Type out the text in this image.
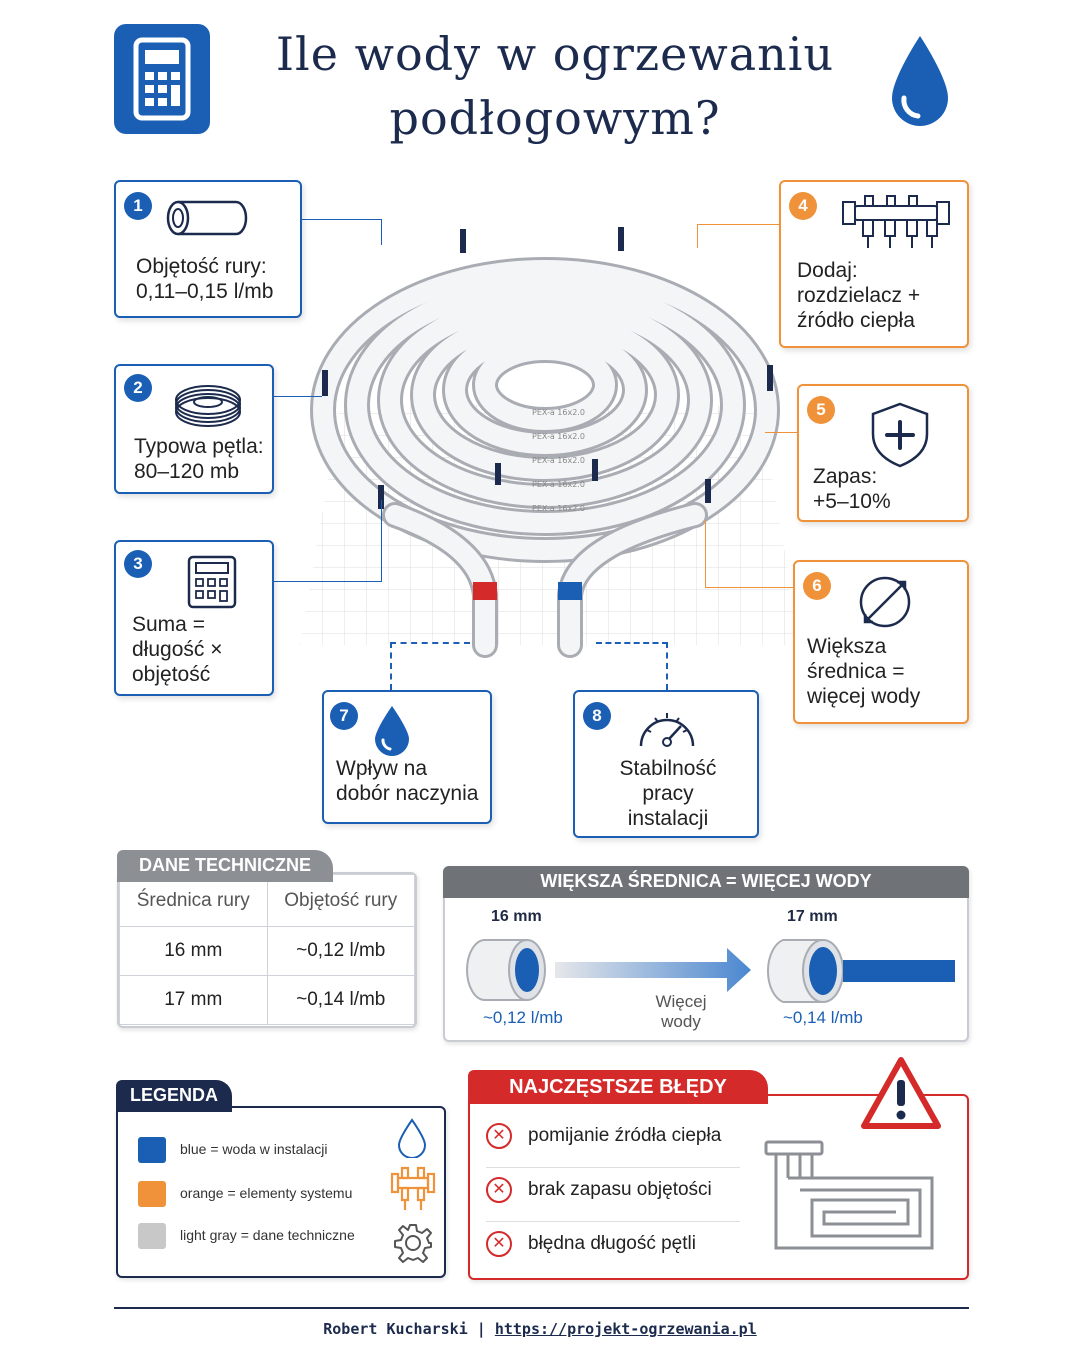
Ile wody w ogrzewaniu
podłogowym?
PEX-a 16x2.0
PEX-a 16x2.0
PEX-a 16x2.0
PEX-a 16x2.0
PEX-a 16x2.0
1
Objętość rury:
0,11–0,15 l/mb
2
Typowa pętla:
80–120 mb
3
Suma =
długość ×
objętość
4
Dodaj:
rozdzielacz +
źródło ciepła
5
Zapas:
+5–10%
6
Większa
średnica =
więcej wody
7
Wpływ na
dobór naczynia
8
Stabilność
pracy
instalacji
Średnica rury	Objętość rury
16 mm	~0,12 l/mb
17 mm	~0,14 l/mb
DANE TECHNICZNE
WIĘKSZA ŚREDNICA = WIĘCEJ WODY
16 mm	17 mm
~0,12 l/mb	~0,14 l/mb
Więcej
wody
blue = woda w instalacji
orange = elementy systemu
light gray = dane techniczne
LEGENDA
✕ pomijanie źródła ciepła
✕ brak zapasu objętości
✕ błędna długość pętli
NAJCZĘSTSZE BŁĘDY
Robert Kucharski | https://projekt-ogrzewania.pl
